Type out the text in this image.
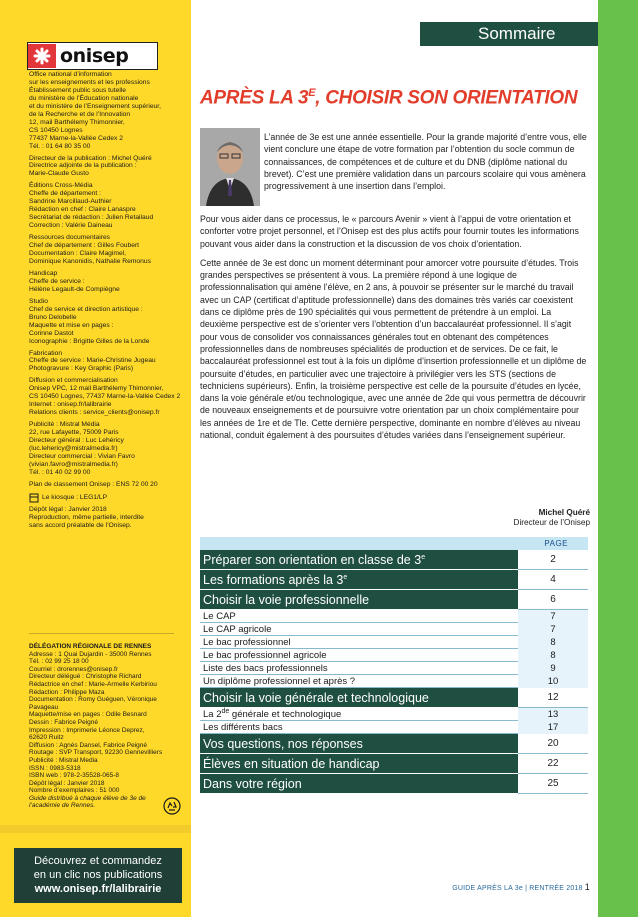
onisep

Office national d’information
sur les enseignements et les professions
Établissement public sous tutelle
du ministère de l’Éducation nationale
et du ministère de l’Enseignement supérieur,
de la Recherche et de l’Innovation
12, mail Barthélemy Thimonnier,
CS 10450 Lognes
77437 Marne-la-Vallée Cedex 2
Tél. : 01 64 80 35 00

Directeur de la publication : Michel Quéré
Directrice adjointe de la publication :
Marie-Claude Gusto

Éditions Cross-Média
Cheffe de département :
Sandrine Marcillaud-Authier
Rédaction en chef : Claire Lanaspre
Secrétariat de rédaction : Julien Retailaud
Correction : Valérie Daineau

Ressources documentaires
Chef de département : Gilles Foubert
Documentation : Claire Magimel,
Dominique Kanonidis, Nathalie Remonus

Handicap
Cheffe de service :
Hélène Legault-de Compiègne

Studio
Chef de service et direction artistique :
Bruno Delobelle
Maquette et mise en pages :
Corinne Dastot
Iconographie : Brigitte Gilles de la Londe

Fabrication
Cheffe de service : Marie-Christine Jugeau
Photogravure : Key Graphic (Paris)

Diffusion et commercialisation
Onisep VPC, 12 mail Barthélemy Thimonnier,
CS 10450 Lognes, 77437 Marne-la-Vallée Cedex 2
Internet : onisep.fr/lalibrairie
Relations clients : service_clients@onisep.fr

Publicité : Mistral Média
22, rue Lafayette, 75009 Paris
Directeur général : Luc Lehéricy
(luc.lehericy@mistralmedia.fr)
Directeur commercial : Vivian Favro
(vivian.favro@mistralmedia.fr)
Tél. : 01 40 02 99 00

Plan de classement Onisep : ENS 72 00 20

Le kiosque : LEG1/LP

Dépôt légal : Janvier 2018
Reproduction, même partielle, interdite
sans accord préalable de l’Onisep.

DÉLÉGATION RÉGIONALE DE RENNES

Adresse : 1 Quai Dujardin - 35000 Rennes

Tél. : 02 99 25 18 00

Courriel : drorennes@onisep.fr

Directeur délégué : Christophe Richard

Rédactrice en chef : Marie-Armelle Kerbiriou

Rédaction : Philippe Maza

Documentation : Romy Guéguen, Véronique

Pavageau

Maquette/mise en pages : Odile Besnard

Dessin : Fabrice Peigné

Impression : Imprimerie Léonce Deprez,

62620 Ruitz

Diffusion : Agnès Dansel, Fabrice Peigné

Routage : SVP Transport, 92230 Gennevilliers

Publicité : Mistral Media

ISSN : 0983-5318

ISBN web : 978-2-35528-065-8

Dépôt légal : Janvier 2018

Nombre d’exemplaires : 51 000

Guide distribué à chaque élève de 3e de

l’académie de Rennes.

Découvrez et commandez
en un clic nos publications
www.onisep.fr/lalibrairie
Sommaire
APRÈS LA $3^E$, CHOISIR SON ORIENTATION
L’année de 3e est une année essentielle. Pour la grande majorité d’entre vous, elle vient conclure une étape de votre formation par l’obtention du socle commun de connaissances, de compétences et de culture et du DNB (diplôme national du brevet). C’est une première validation dans un parcours scolaire qui vous amènera progressivement à une insertion dans l’emploi.

Pour vous aider dans ce processus, le « parcours Avenir » vient à l’appui de votre orientation et conforter votre projet personnel, et l’Onisep est des plus actifs pour fournir toutes les informations pouvant vous aider dans la construction et la discussion de vos choix d’orientation.

Cette année de 3e est donc un moment déterminant pour amorcer votre poursuite d’études. Trois grandes perspectives se présentent à vous. La première répond à une logique de professionnalisation qui amène l’élève, en 2 ans, à pouvoir se présenter sur le marché du travail avec un CAP (certificat d’aptitude professionnelle) dans des domaines très variés car coexistent dans ce diplôme près de 190 spécialités qui vous permettent de prétendre à un emploi. La deuxième perspective est de s’orienter vers l’obtention d’un baccalauréat professionnel. Il s’agit pour vous de consolider vos connaissances générales tout en obtenant des compétences professionnelles dans de nombreuses spécialités de production et de services. De ce fait, le baccalauréat professionnel est tout à la fois un diplôme d’insertion professionnelle et un diplôme de poursuite d’études, en particulier avec une trajectoire à privilégier vers les STS (sections de techniciens supérieurs). Enfin, la troisième perspective est celle de la poursuite d’études en lycée, dans la voie générale et/ou technologique, avec une année de 2de qui vous permettra de découvrir de nouveaux enseignements et de poursuivre votre orientation par un choix complémentaire pour les années de 1re et de Tle. Cette dernière perspective, dominante en nombre d’élèves au niveau national, conduit également à des poursuites d’études variées dans l’enseignement supérieur.

Michel Quéré
Directeur de l’Onisep
PAGE
Préparer son orientation en classe de 3e	2
Les formations après la 3e	4
Choisir la voie professionnelle	6
Le CAP	7
Le CAP agricole	7
Le bac professionnel	8
Le bac professionnel agricole	8
Liste des bacs professionnels	9
Un diplôme professionnel et après ?	10
Choisir la voie générale et technologique	12
La 2de générale et technologique	13
Les différents bacs	17
Vos questions, nos réponses	20
Élèves en situation de handicap	22
Dans votre région	25
GUIDE APRÈS LA 3e | RENTRÉE 2018 1
